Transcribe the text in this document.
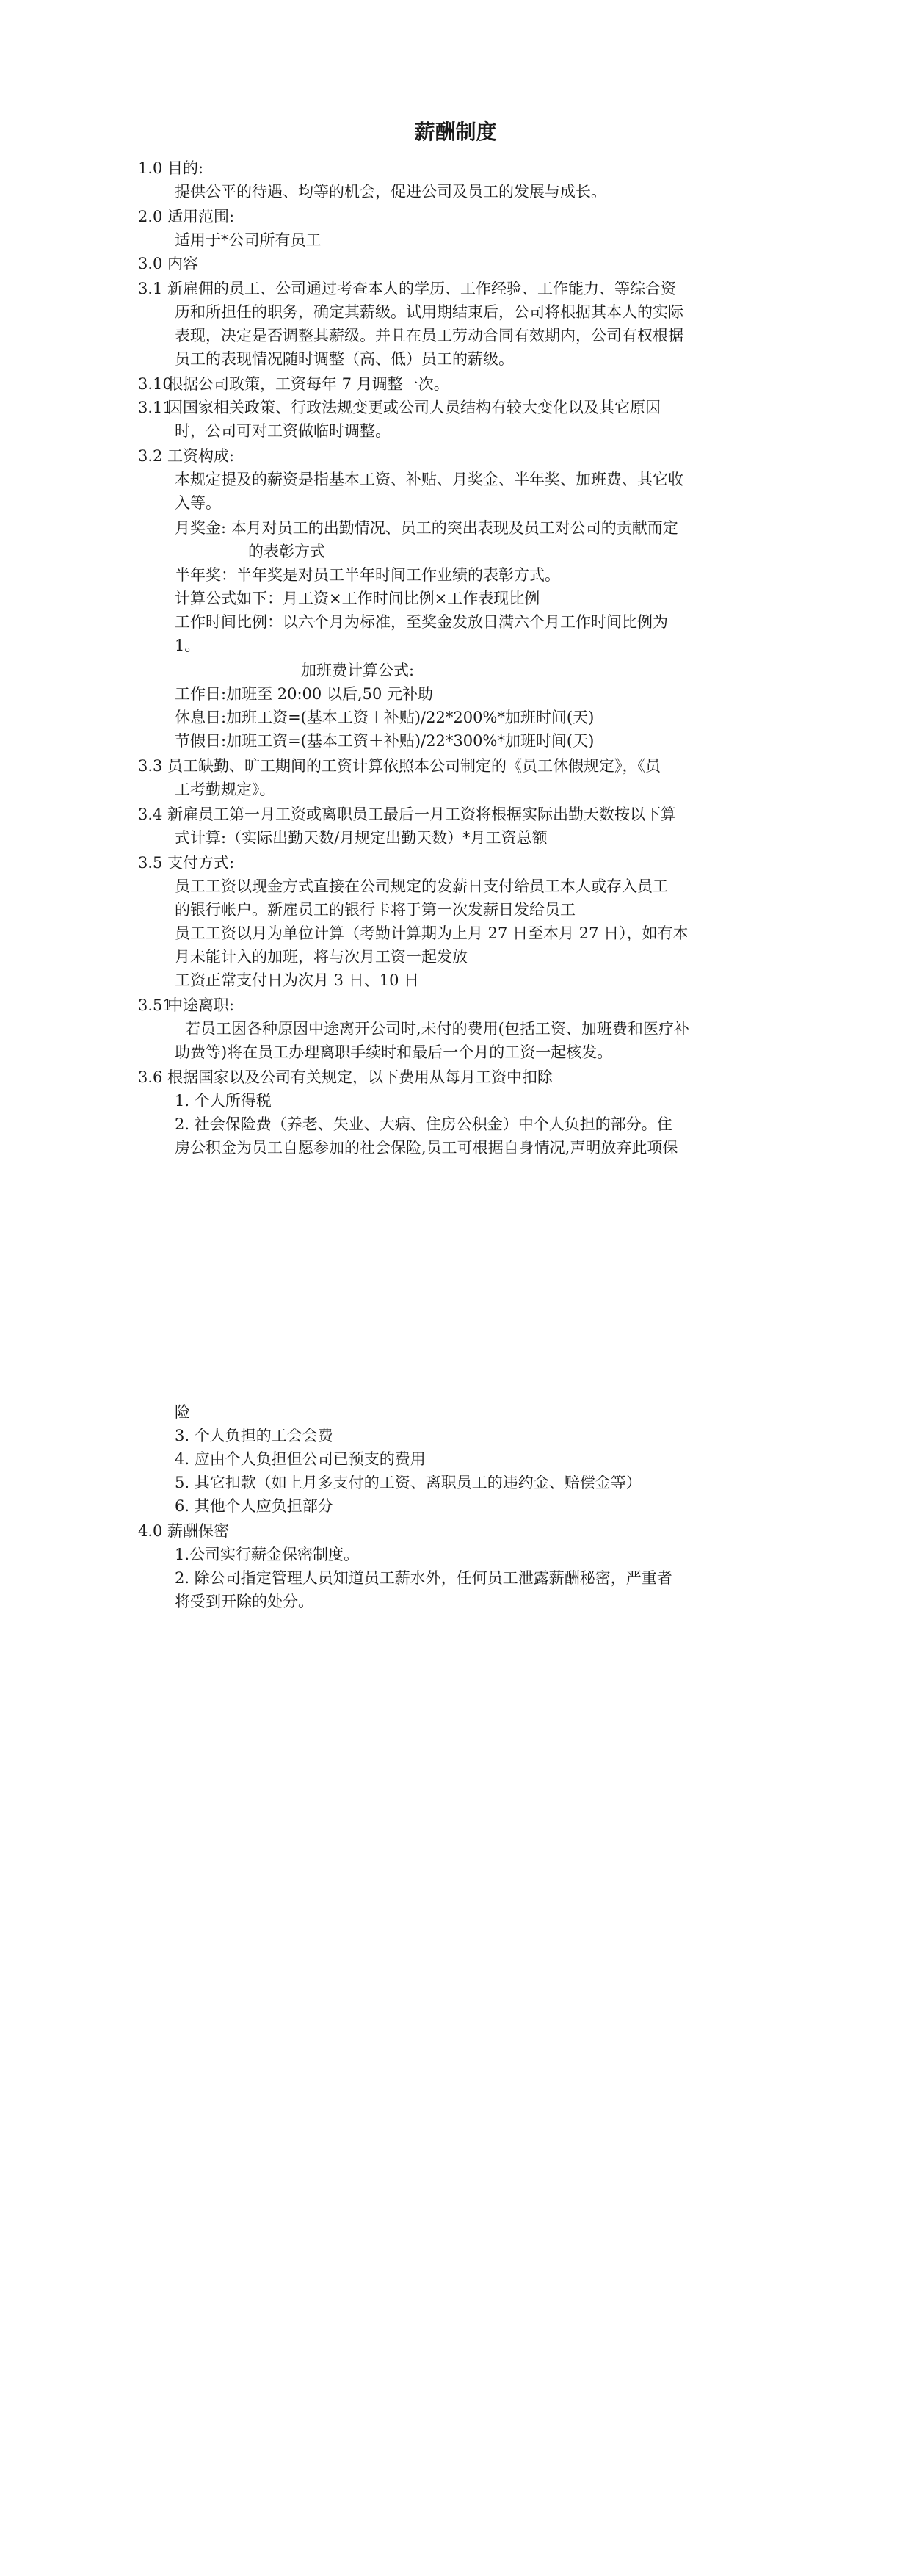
薪酬制度
1.0 目的:
提供公平的待遇、均等的机会，促进公司及员工的发展与成长。
2.0 适用范围:
适用于*公司所有员工
3.0 内容
3.1 新雇佣的员工、公司通过考查本人的学历、工作经验、工作能力、等综合资
历和所担任的职务，确定其薪级。试用期结束后，公司将根据其本人的实际
表现，决定是否调整其薪级。并且在员工劳动合同有效期内，公司有权根据
员工的表现情况随时调整（高、低）员工的薪级。
3.10
根据公司政策，工资每年 7 月调整一次。
3.11
因国家相关政策、行政法规变更或公司人员结构有较大变化以及其它原因
时，公司可对工资做临时调整。
3.2 工资构成:
本规定提及的薪资是指基本工资、补贴、月奖金、半年奖、加班费、其它收
入等。
月奖金: 本月对员工的出勤情况、员工的突出表现及员工对公司的贡献而定
的表彰方式
半年奖：半年奖是对员工半年时间工作业绩的表彰方式。
计算公式如下：月工资×工作时间比例×工作表现比例
工作时间比例：以六个月为标准，至奖金发放日满六个月工作时间比例为
1。
加班费计算公式:
工作日:加班至 20:00 以后,50 元补助
休息日:加班工资=(基本工资＋补贴)/22*200%*加班时间(天)
节假日:加班工资=(基本工资＋补贴)/22*300%*加班时间(天)
3.3 员工缺勤、旷工期间的工资计算依照本公司制定的《员工休假规定》，《员
工考勤规定》。
3.4 新雇员工第一月工资或离职员工最后一月工资将根据实际出勤天数按以下算
式计算:（实际出勤天数/月规定出勤天数）*月工资总额
3.5 支付方式:
员工工资以现金方式直接在公司规定的发薪日支付给员工本人或存入员工
的银行帐户。新雇员工的银行卡将于第一次发薪日发给员工
员工工资以月为单位计算（考勤计算期为上月 27 日至本月 27 日），如有本
月未能计入的加班，将与次月工资一起发放
工资正常支付日为次月 3 日、10 日
3.51
中途离职:
若员工因各种原因中途离开公司时,未付的费用(包括工资、加班费和医疗补
助费等)将在员工办理离职手续时和最后一个月的工资一起核发。
3.6 根据国家以及公司有关规定，以下费用从每月工资中扣除
1. 个人所得税
2. 社会保险费（养老、失业、大病、住房公积金）中个人负担的部分。住
房公积金为员工自愿参加的社会保险,员工可根据自身情况,声明放弃此项保
险
3. 个人负担的工会会费
4. 应由个人负担但公司已预支的费用
5. 其它扣款（如上月多支付的工资、离职员工的违约金、赔偿金等）
6. 其他个人应负担部分
4.0 薪酬保密
1.公司实行薪金保密制度。
2. 除公司指定管理人员知道员工薪水外，任何员工泄露薪酬秘密，严重者
将受到开除的处分。
